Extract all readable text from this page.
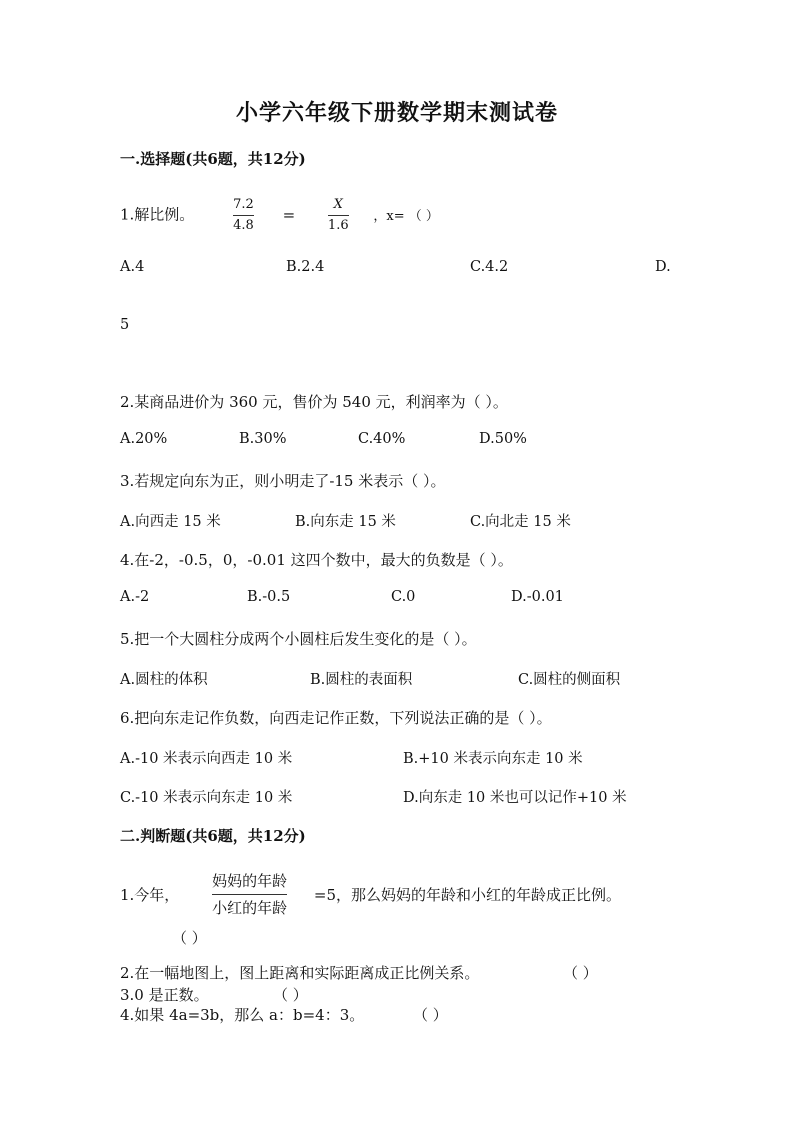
小学六年级下册数学期末测试卷
一.选择题(共6题，共12分)
1.解比例。	$\frac{7.2}{4.8}$ =	$\frac{X}{1.6}$ ，x= （ ）
A.4	B.2.4	C.4.2	D.
5
2.某商品进价为 360 元，售价为 540 元，利润率为（ ）。
A.20%	B.30%	C.40%	D.50%
3.若规定向东为正，则小明走了-15 米表示（ ）。
A.向西走 15 米	B.向东走 15 米	C.向北走 15 米
4.在-2，-0.5，0，-0.01 这四个数中，最大的负数是（ ）。
A.-2	B.-0.5	C.0	D.-0.01
5.把一个大圆柱分成两个小圆柱后发生变化的是（ ）。
A.圆柱的体积	B.圆柱的表面积	C.圆柱的侧面积
6.把向东走记作负数，向西走记作正数，下列说法正确的是（ ）。
A.-10 米表示向西走 10 米	B.+10 米表示向东走 10 米
C.-10 米表示向东走 10 米	D.向东走 10 米也可以记作+10 米
二.判断题(共6题，共12分)
1.今年， $\frac{\text{妈妈的年龄}}{\text{小红的年龄}} =5$，那么妈妈的年龄和小红的年龄成正比例。
（ ）
2.在一幅地图上，图上距离和实际距离成正比例关系。	（ ）
3.0 是正数。	（ ）
4.如果 4a=3b，那么 a：b=4：3。	（ ）
